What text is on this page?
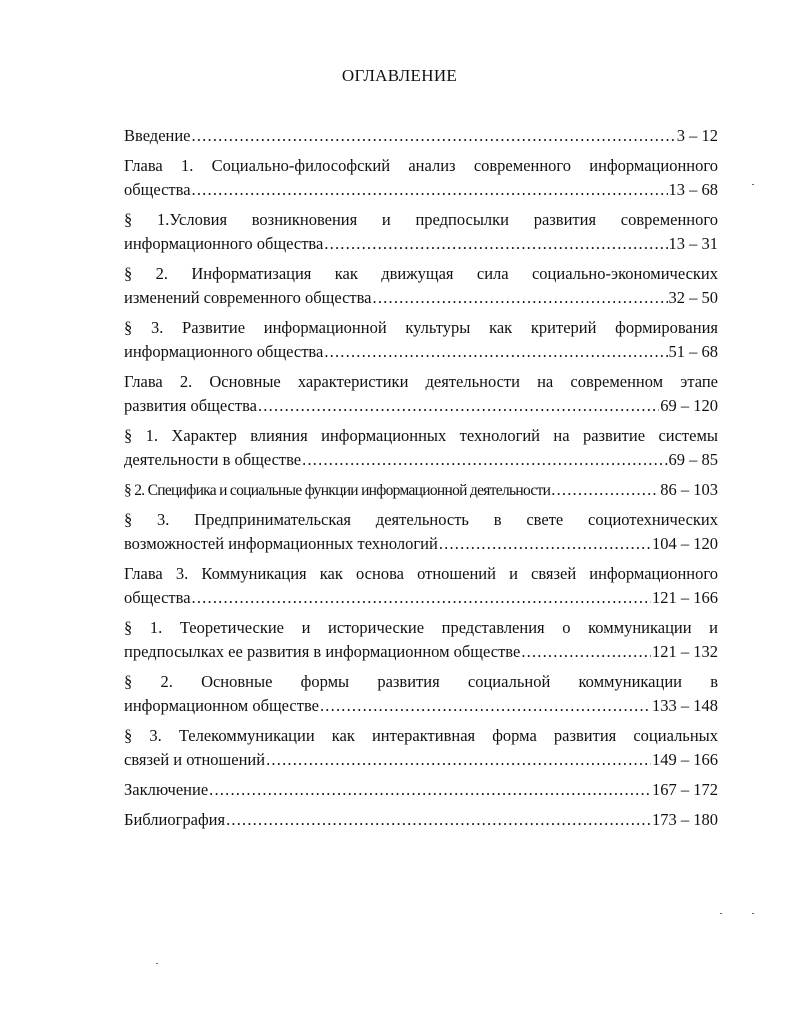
ОГЛАВЛЕНИЕ
Введение .....	3 – 12
Глава 1. Социально-философский анализ современного информационного
общества .....	13 – 68
§ 1.Условия возникновения и предпосылки развития современного
информационного общества .....	13 – 31
§ 2. Информатизация как движущая сила социально-экономических
изменений современного общества .....	32 – 50
§ 3. Развитие информационной культуры как критерий формирования
информационного общества .....	51 – 68
Глава 2. Основные характеристики деятельности на современном этапе
развития общества .....	69 – 120
§ 1. Характер влияния информационных технологий на развитие системы
деятельности в обществе .....	69 – 85
§ 2. Специфика и социальные функции информационной деятельности .....	86 – 103
§ 3. Предпринимательская деятельность в свете социотехнических
возможностей информационных технологий .....	104 – 120
Глава 3. Коммуникация как основа отношений и связей информационного
общества .....	121 – 166
§ 1. Теоретические и исторические представления о коммуникации и
предпосылках ее развития в информационном обществе .....	121 – 132
§ 2. Основные формы развития социальной коммуникации в
информационном обществе .....	133 – 148
§ 3. Телекоммуникации как интерактивная форма развития социальных
связей и отношений .....	149 – 166
Заключение .....	167 – 172
Библиография .....	173 – 180
